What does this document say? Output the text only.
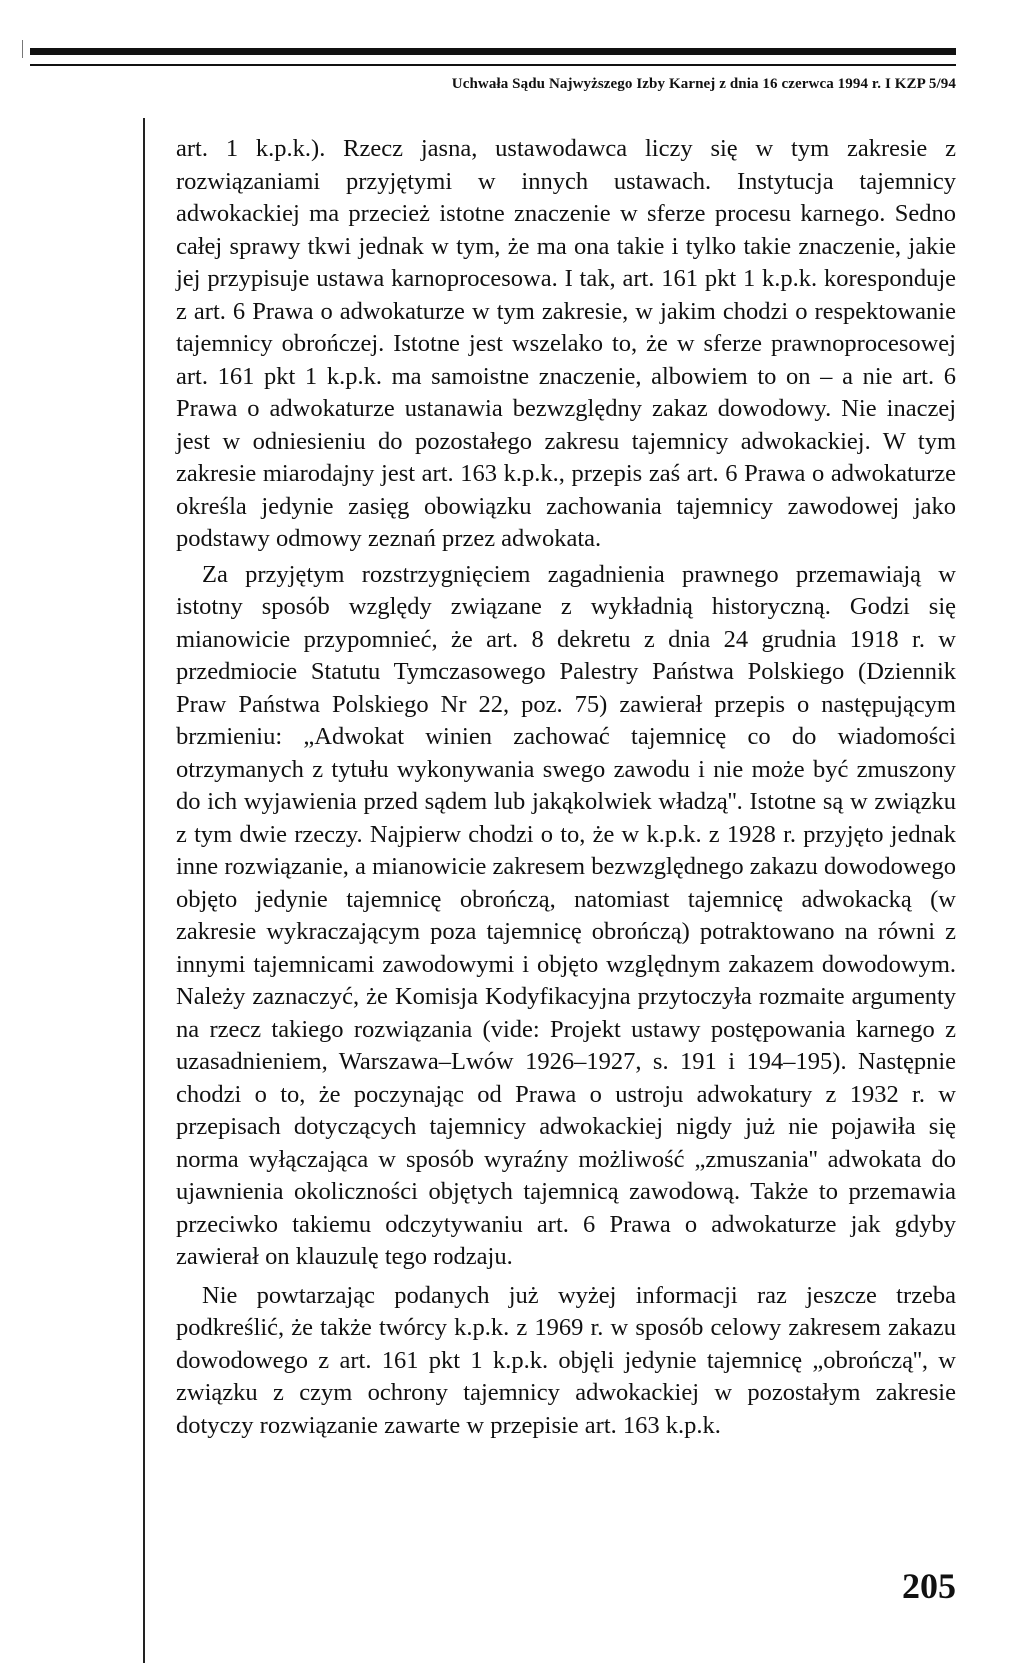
Uchwała Sądu Najwyższego Izby Karnej z dnia 16 czerwca 1994 r. I KZP 5/94

art. 1 k.p.k.). Rzecz jasna, ustawodawca liczy się w tym zakresie z rozwiązaniami przyjętymi w innych ustawach. Instytucja tajemnicy adwokackiej ma przecież istotne znaczenie w sferze procesu karnego. Sedno całej sprawy tkwi jednak w tym, że ma ona takie i tylko takie znaczenie, jakie jej przypisuje ustawa karnoprocesowa. I tak, art. 161 pkt 1 k.p.k. koresponduje z art. 6 Prawa o adwokaturze w tym zakresie, w jakim chodzi o respektowanie tajemnicy obrończej. Istotne jest wszelako to, że w sferze prawnoprocesowej art. 161 pkt 1 k.p.k. ma samoistne znaczenie, albowiem to on – a nie art. 6 Prawa o adwokaturze ustanawia bezwzględny zakaz dowodowy. Nie inaczej jest w odniesieniu do pozostałego zakresu tajemnicy adwokackiej. W tym zakresie miarodajny jest art. 163 k.p.k., przepis zaś art. 6 Prawa o adwokaturze określa jedynie zasięg obowiązku zachowania tajemnicy zawodowej jako podstawy odmowy zeznań przez adwokata.

Za przyjętym rozstrzygnięciem zagadnienia prawnego przemawiają w istotny sposób względy związane z wykładnią historyczną. Godzi się mianowicie przypomnieć, że art. 8 dekretu z dnia 24 grudnia 1918 r. w przedmiocie Statutu Tymczasowego Palestry Państwa Polskiego (Dziennik Praw Państwa Polskiego Nr 22, poz. 75) zawierał przepis o następującym brzmieniu: „Adwokat winien zachować tajemnicę co do wiadomości otrzymanych z tytułu wykonywania swego zawodu i nie może być zmuszony do ich wyjawienia przed sądem lub jakąkolwiek władzą''. Istotne są w związku z tym dwie rzeczy. Najpierw chodzi o to, że w k.p.k. z 1928 r. przyjęto jednak inne rozwiązanie, a mianowicie zakresem bezwzględnego zakazu dowodowego objęto jedynie tajemnicę obrończą, natomiast tajemnicę adwokacką (w zakresie wykraczającym poza tajemnicę obrończą) potraktowano na równi z innymi tajemnicami zawodowymi i objęto względnym zakazem dowodowym. Należy zaznaczyć, że Komisja Kodyfikacyjna przytoczyła rozmaite argumenty na rzecz takiego rozwiązania (vide: Projekt ustawy postępowania karnego z uzasadnieniem, Warszawa–Lwów 1926–1927, s. 191 i 194–195). Następnie chodzi o to, że poczynając od Prawa o ustroju adwokatury z 1932 r. w przepisach dotyczących tajemnicy adwokackiej nigdy już nie pojawiła się norma wyłączająca w sposób wyraźny możliwość „zmuszania'' adwokata do ujawnienia okoliczności objętych tajemnicą zawodową. Także to przemawia przeciwko takiemu odczytywaniu art. 6 Prawa o adwokaturze jak gdyby zawierał on klauzulę tego rodzaju.

Nie powtarzając podanych już wyżej informacji raz jeszcze trzeba podkreślić, że także twórcy k.p.k. z 1969 r. w sposób celowy zakresem zakazu dowodowego z art. 161 pkt 1 k.p.k. objęli jedynie tajemnicę „obrończą'', w związku z czym ochrony tajemnicy adwokackiej w pozostałym zakresie dotyczy rozwiązanie zawarte w przepisie art. 163 k.p.k.

205
